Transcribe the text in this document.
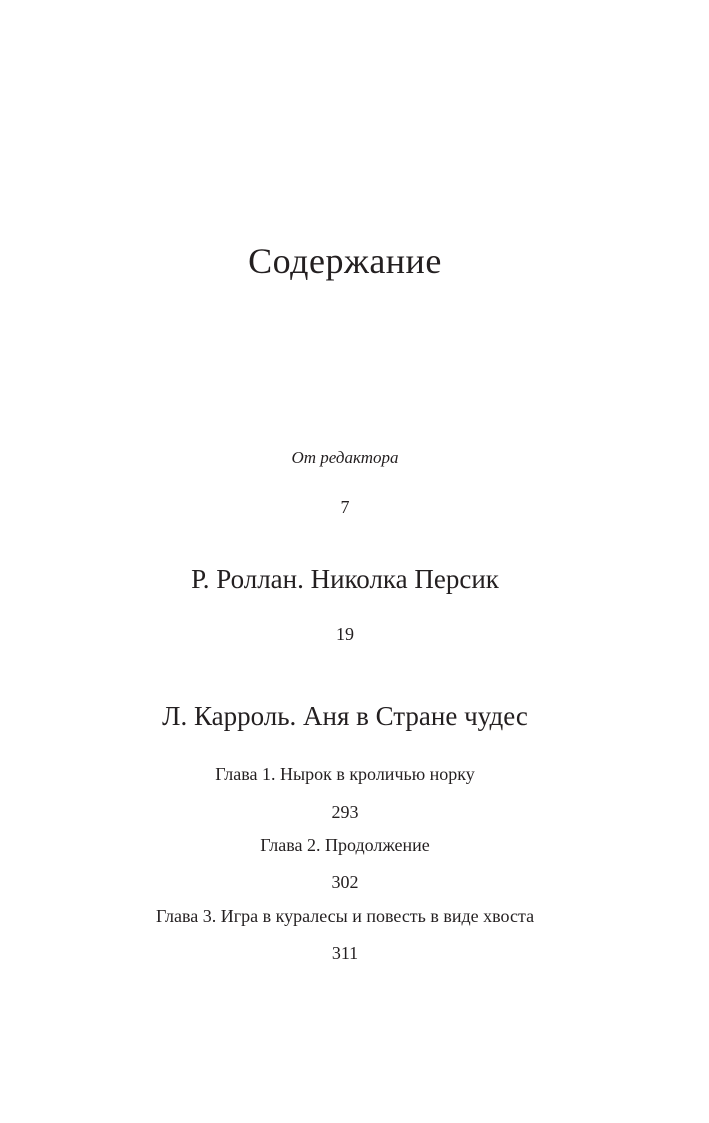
Содержание
От редактора
7
Р. Роллан. Николка Персик
19
Л. Карроль. Аня в Стране чудес
Глава 1. Нырок в кроличью норку
293
Глава 2. Продолжение
302
Глава 3. Игра в куралесы и повесть в виде хвоста
311
